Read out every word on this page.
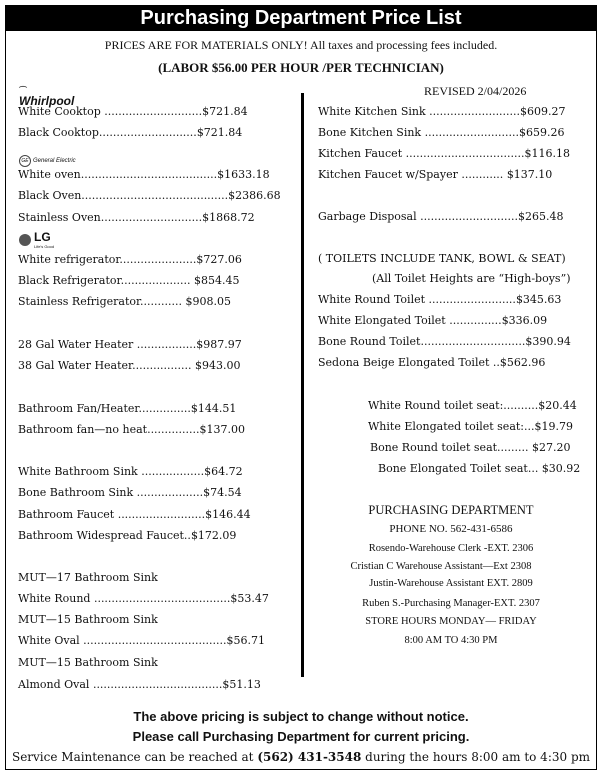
Purchasing Department Price List
PRICES ARE FOR MATERIALS ONLY! All taxes and processing fees included.
(LABOR $56.00 PER HOUR /PER TECHNICIAN)
REVISED 2/04/2026
⌒
Whirlpool
GE General Electric
LG
Life's Good
White Cooktop ............................$721.84
Black Cooktop............................$721.84
White oven.......................................$1633.18
Black Oven..........................................$2386.68
Stainless Oven.............................$1868.72
White refrigerator......................$727.06
Black Refrigerator.................... $854.45
Stainless Refrigerator............ $908.05
28 Gal Water Heater .................$987.97
38 Gal Water Heater................. $943.00
Bathroom Fan/Heater...............$144.51
Bathroom fan—no heat...............$137.00
White Bathroom Sink ..................$64.72
Bone Bathroom Sink ...................$74.54
Bathroom Faucet .........................$146.44
Bathroom Widespread Faucet..$172.09
MUT—17 Bathroom Sink
White Round .......................................$53.47
MUT—15 Bathroom Sink
White Oval .........................................$56.71
MUT—15 Bathroom Sink
Almond Oval .....................................$51.13
White Kitchen Sink ..........................$609.27
Bone Kitchen Sink ...........................$659.26
Kitchen Faucet ..................................$116.18
Kitchen Faucet w/Spayer ............ $137.10
Garbage Disposal ............................$265.48
( TOILETS INCLUDE TANK, BOWL & SEAT)
(All Toilet Heights are “High-boys”)
White Round Toilet .........................$345.63
White Elongated Toilet ...............$336.09
Bone Round Toilet..............................$390.94
Sedona Beige Elongated Toilet ..$562.96
White Round toilet seat:..........$20.44
White Elongated toilet seat:...$19.79
Bone Round toilet seat......... $27.20
Bone Elongated Toilet seat... $30.92
PURCHASING DEPARTMENT
PHONE NO. 562-431-6586
Rosendo-Warehouse Clerk -EXT. 2306
Cristian C Warehouse Assistant—Ext 2308
Justin-Warehouse Assistant EXT. 2809
Ruben S.-Purchasing Manager-EXT. 2307
STORE HOURS MONDAY— FRIDAY
8:00 AM TO 4:30 PM
The above pricing is subject to change without notice.
Please call Purchasing Department for current pricing.
Service Maintenance can be reached at (562) 431-3548 during the hours 8:00 am to 4:30 pm
